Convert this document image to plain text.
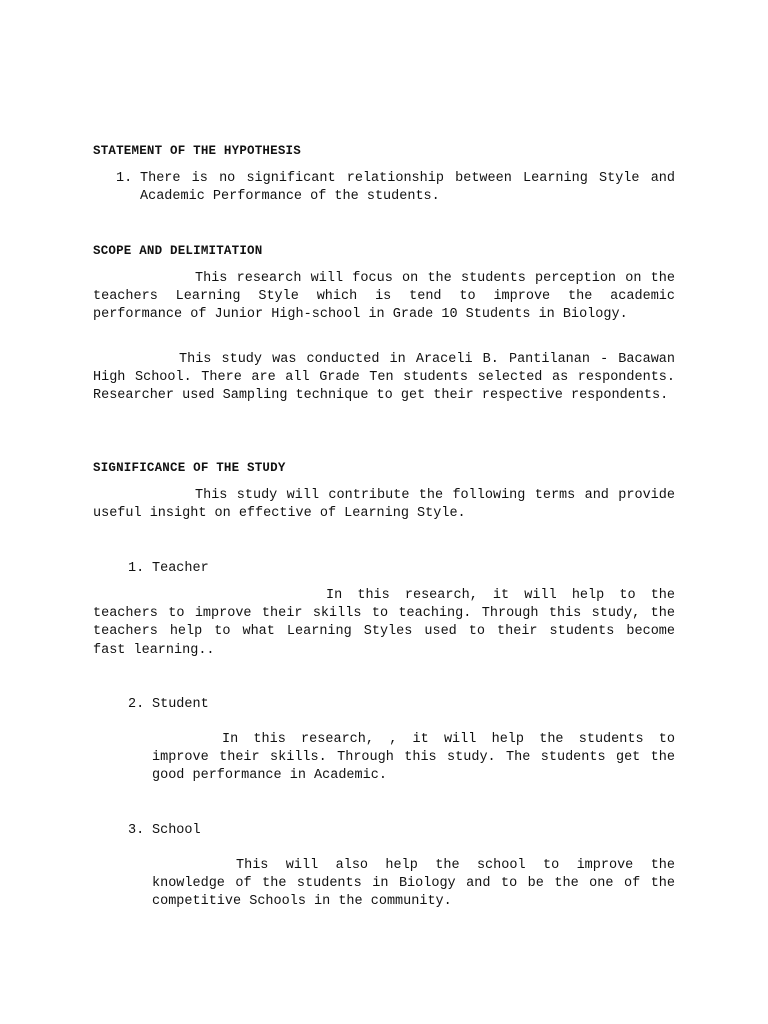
STATEMENT OF THE HYPOTHESIS
1. There is no significant relationship between Learning Style and Academic Performance of the students.
SCOPE AND DELIMITATION
This research will focus on the students perception on the teachers Learning Style which is tend to improve the academic performance of Junior High-school in Grade 10 Students in Biology.
This study was conducted in Araceli B. Pantilanan - Bacawan High School. There are all Grade Ten students selected as respondents. Researcher used Sampling technique to get their respective respondents.
SIGNIFICANCE OF THE STUDY
This study will contribute the following terms and provide useful insight on effective of Learning Style.
1. Teacher
In this research, it will help to the teachers to improve their skills to teaching. Through this study, the teachers help to what Learning Styles used to their students become fast learning..
2. Student
In this research, , it will help the students to improve their skills. Through this study. The students get the good performance in Academic.
3. School
This will also help the school to improve the knowledge of the students in Biology and to be the one of the competitive Schools in the community.
